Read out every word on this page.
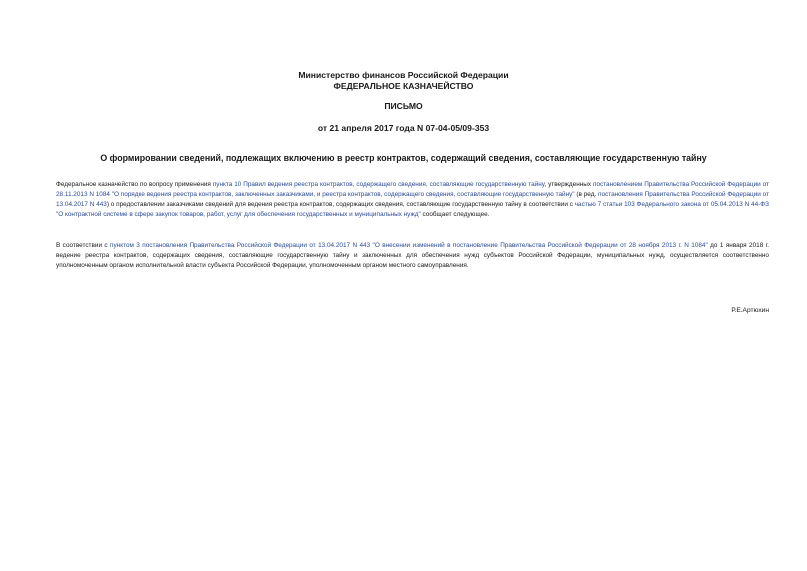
Министерство финансов Российской Федерации
ФЕДЕРАЛЬНОЕ КАЗНАЧЕЙСТВО
ПИСЬМО
от 21 апреля 2017 года N 07-04-05/09-353
О формировании сведений, подлежащих включению в реестр контрактов, содержащий сведения, составляющие государственную тайну
Федеральное казначейство по вопросу применения пункта 10 Правил ведения реестра контрактов, содержащего сведения, составляющие государственную тайну, утвержденных постановлением Правительства Российской Федерации от 28.11.2013 N 1084 "О порядке ведения реестра контрактов, заключенных заказчиками, и реестра контрактов, содержащего сведения, составляющие государственную тайну" (в ред. постановления Правительства Российской Федерации от 13.04.2017 N 443) о предоставлении заказчиками сведений для ведения реестра контрактов, содержащих сведения, составляющие государственную тайну в соответствии с частью 7 статьи 103 Федерального закона от 05.04.2013 N 44-ФЗ "О контрактной системе в сфере закупок товаров, работ, услуг для обеспечения государственных и муниципальных нужд" сообщает следующее.
В соответствии с пунктом 3 постановления Правительства Российской Федерации от 13.04.2017 N 443 "О внесении изменений в постановление Правительства Российской Федерации от 28 ноября 2013 г. N 1084" до 1 января 2018 г. ведение реестра контрактов, содержащих сведения, составляющие государственную тайну и заключенных для обеспечения нужд субъектов Российской Федерации, муниципальных нужд, осуществляется соответственно уполномоченным органом исполнительной власти субъекта Российской Федерации, уполномоченным органом местного самоуправления.
Р.Е.Артюхин
